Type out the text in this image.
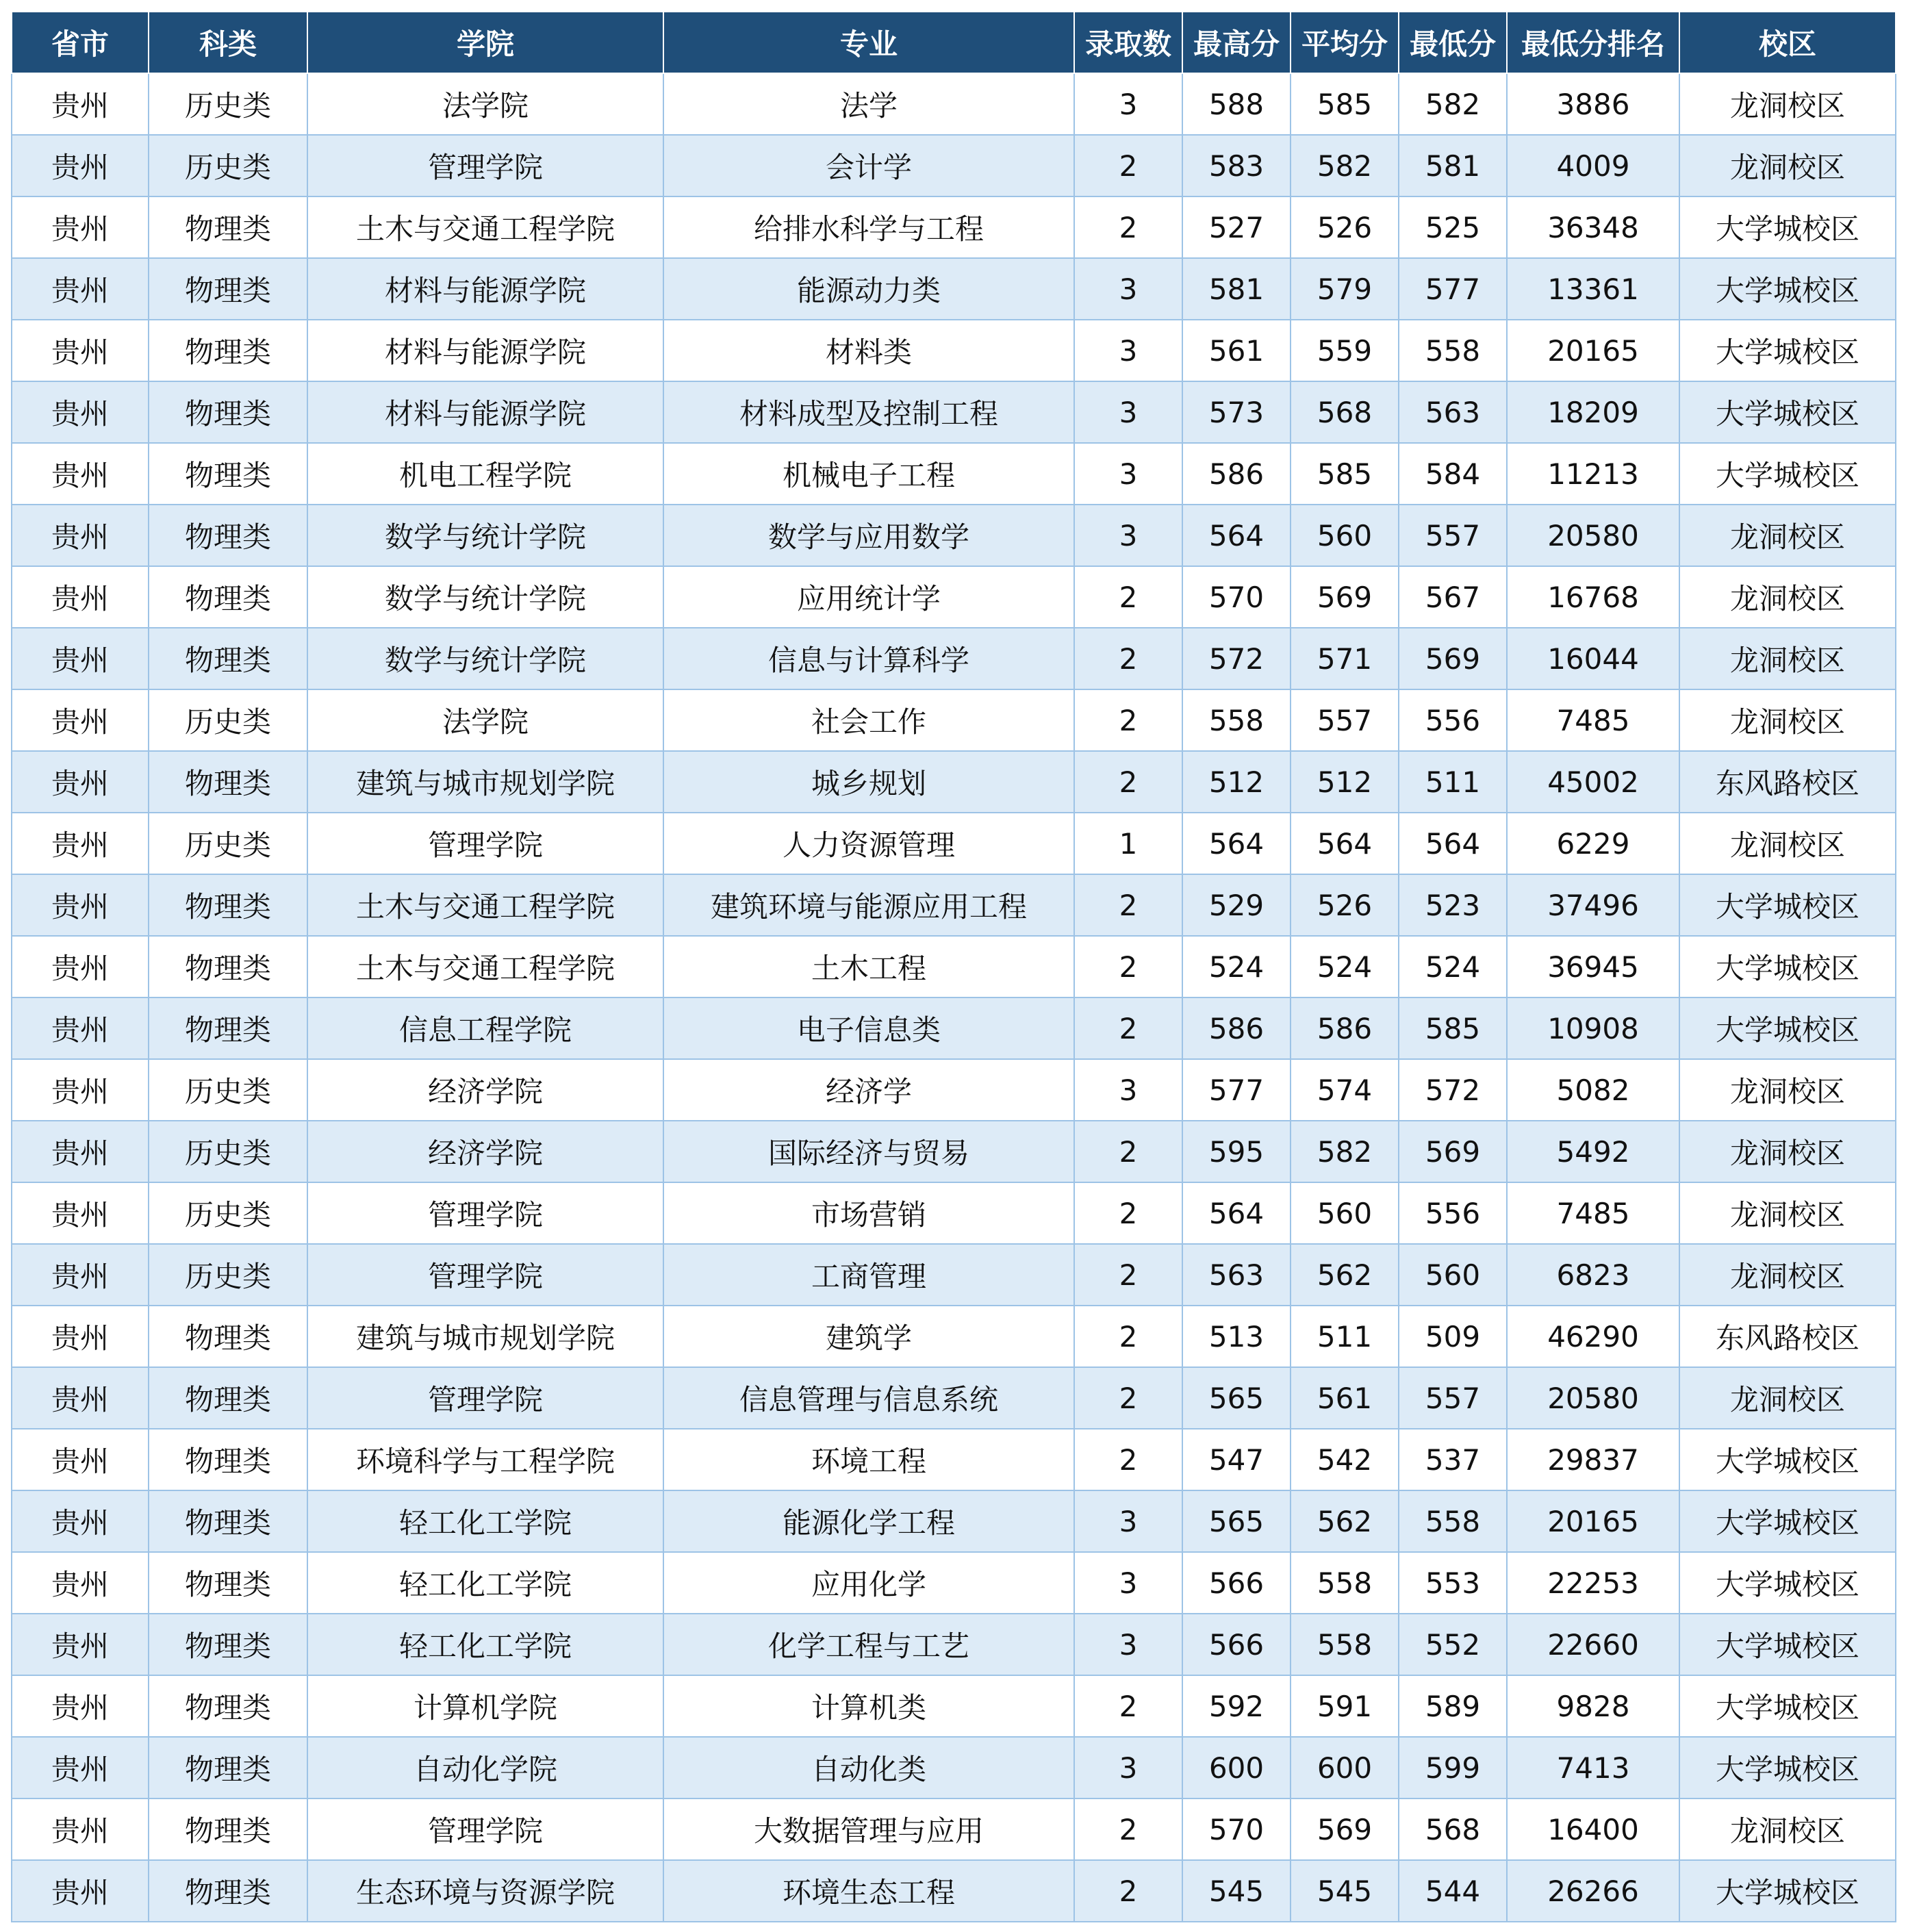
省市	科类	学院	专业	录取数	最高分	平均分	最低分	最低分排名	校区
贵州	历史类	法学院	法学	3	588	585	582	3886	龙洞校区
贵州	历史类	管理学院	会计学	2	583	582	581	4009	龙洞校区
贵州	物理类	土木与交通工程学院	给排水科学与工程	2	527	526	525	36348	大学城校区
贵州	物理类	材料与能源学院	能源动力类	3	581	579	577	13361	大学城校区
贵州	物理类	材料与能源学院	材料类	3	561	559	558	20165	大学城校区
贵州	物理类	材料与能源学院	材料成型及控制工程	3	573	568	563	18209	大学城校区
贵州	物理类	机电工程学院	机械电子工程	3	586	585	584	11213	大学城校区
贵州	物理类	数学与统计学院	数学与应用数学	3	564	560	557	20580	龙洞校区
贵州	物理类	数学与统计学院	应用统计学	2	570	569	567	16768	龙洞校区
贵州	物理类	数学与统计学院	信息与计算科学	2	572	571	569	16044	龙洞校区
贵州	历史类	法学院	社会工作	2	558	557	556	7485	龙洞校区
贵州	物理类	建筑与城市规划学院	城乡规划	2	512	512	511	45002	东风路校区
贵州	历史类	管理学院	人力资源管理	1	564	564	564	6229	龙洞校区
贵州	物理类	土木与交通工程学院	建筑环境与能源应用工程	2	529	526	523	37496	大学城校区
贵州	物理类	土木与交通工程学院	土木工程	2	524	524	524	36945	大学城校区
贵州	物理类	信息工程学院	电子信息类	2	586	586	585	10908	大学城校区
贵州	历史类	经济学院	经济学	3	577	574	572	5082	龙洞校区
贵州	历史类	经济学院	国际经济与贸易	2	595	582	569	5492	龙洞校区
贵州	历史类	管理学院	市场营销	2	564	560	556	7485	龙洞校区
贵州	历史类	管理学院	工商管理	2	563	562	560	6823	龙洞校区
贵州	物理类	建筑与城市规划学院	建筑学	2	513	511	509	46290	东风路校区
贵州	物理类	管理学院	信息管理与信息系统	2	565	561	557	20580	龙洞校区
贵州	物理类	环境科学与工程学院	环境工程	2	547	542	537	29837	大学城校区
贵州	物理类	轻工化工学院	能源化学工程	3	565	562	558	20165	大学城校区
贵州	物理类	轻工化工学院	应用化学	3	566	558	553	22253	大学城校区
贵州	物理类	轻工化工学院	化学工程与工艺	3	566	558	552	22660	大学城校区
贵州	物理类	计算机学院	计算机类	2	592	591	589	9828	大学城校区
贵州	物理类	自动化学院	自动化类	3	600	600	599	7413	大学城校区
贵州	物理类	管理学院	大数据管理与应用	2	570	569	568	16400	龙洞校区
贵州	物理类	生态环境与资源学院	环境生态工程	2	545	545	544	26266	大学城校区
